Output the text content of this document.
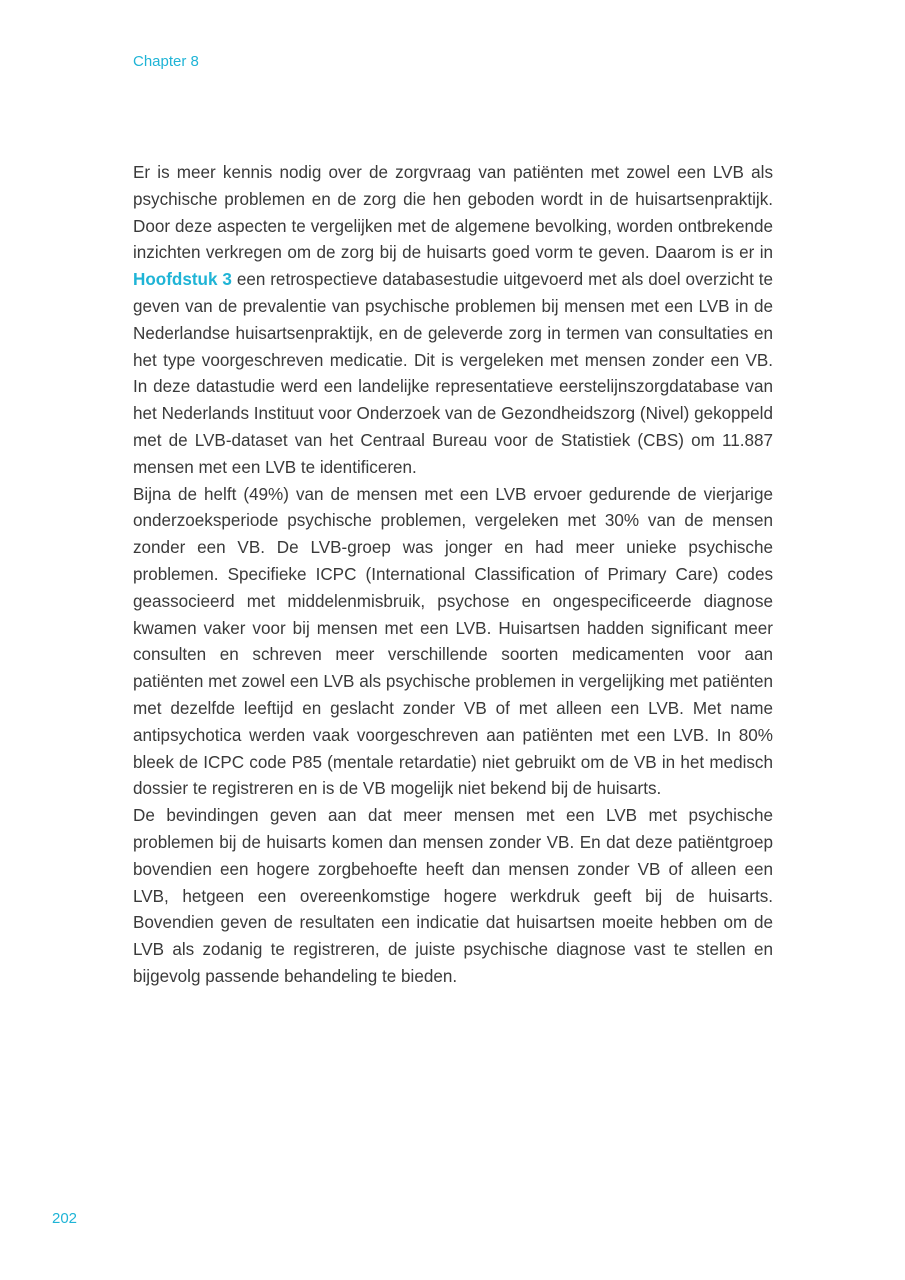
Chapter 8

Er is meer kennis nodig over de zorgvraag van patiënten met zowel een LVB als psychische problemen en de zorg die hen geboden wordt in de huisartsenpraktijk. Door deze aspecten te vergelijken met de algemene bevolking, worden ontbrekende inzichten verkregen om de zorg bij de huisarts goed vorm te geven. Daarom is er in Hoofdstuk 3 een retrospectieve databasestudie uitgevoerd met als doel overzicht te geven van de prevalentie van psychische problemen bij mensen met een LVB in de Nederlandse huisartsenpraktijk, en de geleverde zorg in termen van consultaties en het type voorgeschreven medicatie. Dit is vergeleken met mensen zonder een VB. In deze datastudie werd een landelijke representatieve eerstelijnszorgdatabase van het Nederlands Instituut voor Onderzoek van de Gezondheidszorg (Nivel) gekoppeld met de LVB-dataset van het Centraal Bureau voor de Statistiek (CBS) om 11.887 mensen met een LVB te identificeren.

Bijna de helft (49%) van de mensen met een LVB ervoer gedurende de vierjarige onderzoeksperiode psychische problemen, vergeleken met 30% van de mensen zonder een VB. De LVB-groep was jonger en had meer unieke psychische problemen. Specifieke ICPC (International Classification of Primary Care) codes geassocieerd met middelenmisbruik, psychose en ongespecificeerde diagnose kwamen vaker voor bij mensen met een LVB. Huisartsen hadden significant meer consulten en schreven meer verschillende soorten medicamenten voor aan patiënten met zowel een LVB als psychische problemen in vergelijking met patiënten met dezelfde leeftijd en geslacht zonder VB of met alleen een LVB. Met name antipsychotica werden vaak voorgeschreven aan patiënten met een LVB. In 80% bleek de ICPC code P85 (mentale retardatie) niet gebruikt om de VB in het medisch dossier te registreren en is de VB mogelijk niet bekend bij de huisarts.

De bevindingen geven aan dat meer mensen met een LVB met psychische problemen bij de huisarts komen dan mensen zonder VB. En dat deze patiëntgroep bovendien een hogere zorgbehoefte heeft dan mensen zonder VB of alleen een LVB, hetgeen een overeenkomstige hogere werkdruk geeft bij de huisarts. Bovendien geven de resultaten een indicatie dat huisartsen moeite hebben om de LVB als zodanig te registreren, de juiste psychische diagnose vast te stellen en bijgevolg passende behandeling te bieden.

202
